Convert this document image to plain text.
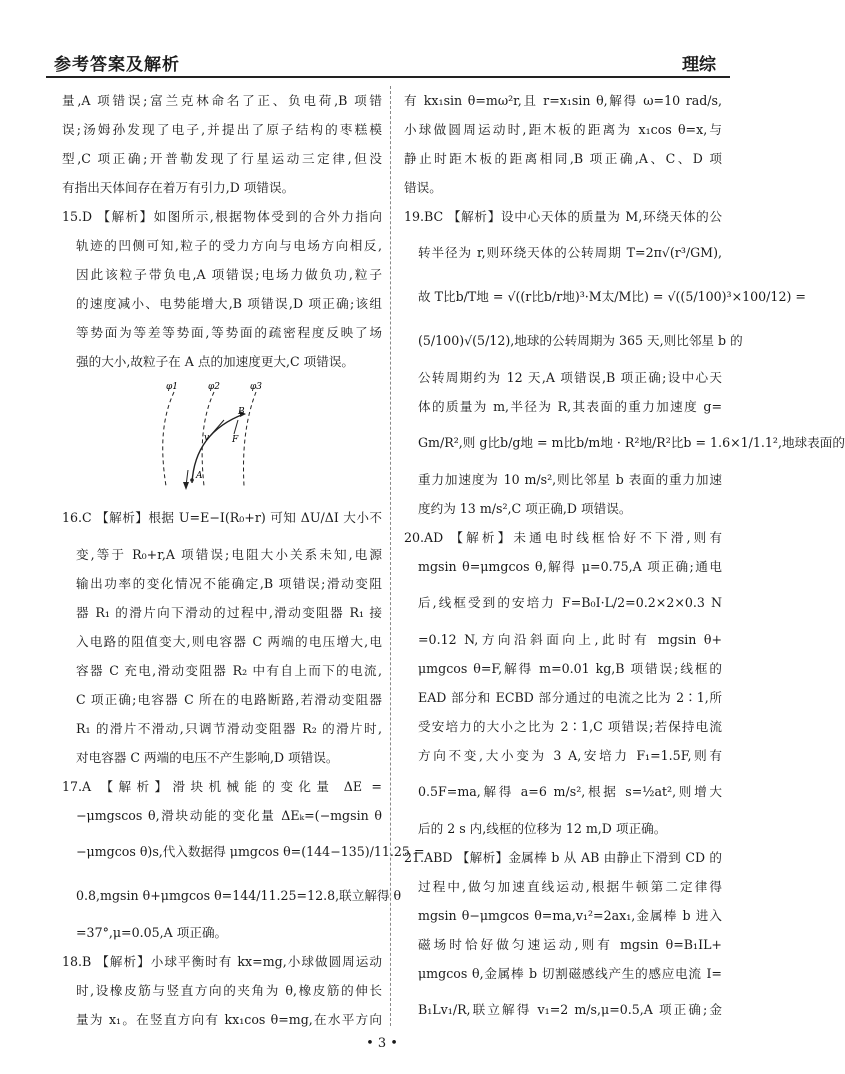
参考答案及解析	理综
量,A 项错误;富兰克林命名了正、负电荷,B 项错
误;汤姆孙发现了电子,并提出了原子结构的枣糕模
型,C 项正确;开普勒发现了行星运动三定律,但没
有指出天体间存在着万有引力,D 项错误。
15.D 【解析】如图所示,根据物体受到的合外力指向
轨迹的凹侧可知,粒子的受力方向与电场方向相反,
因此该粒子带负电,A 项错误;电场力做负功,粒子
的速度减小、电势能增大,B 项错误,D 项正确;该组
等势面为等差等势面,等势面的疏密程度反映了场
强的大小,故粒子在 A 点的加速度更大,C 项错误。
φ1	φ2	φ3
B
F
v
A
16.C 【解析】根据 U=E−I(R₀+r) 可知 ΔU/ΔI 大小不
变,等于 R₀+r,A 项错误;电阻大小关系未知,电源
输出功率的变化情况不能确定,B 项错误;滑动变阻
器 R₁ 的滑片向下滑动的过程中,滑动变阻器 R₁ 接
入电路的阻值变大,则电容器 C 两端的电压增大,电
容器 C 充电,滑动变阻器 R₂ 中有自上而下的电流,
C 项正确;电容器 C 所在的电路断路,若滑动变阻器
R₁ 的滑片不滑动,只调节滑动变阻器 R₂ 的滑片时,
对电容器 C 两端的电压不产生影响,D 项错误。
17.A 【解析】滑块机械能的变化量 ΔE =
−μmgscos θ,滑块动能的变化量 ΔEₖ=(−mgsin θ
−μmgcos θ)s,代入数据得 μmgcos θ=(144−135)/11.25 =
0.8,mgsin θ+μmgcos θ=144/11.25=12.8,联立解得 θ
=37°,μ=0.05,A 项正确。
18.B 【解析】小球平衡时有 kx=mg,小球做圆周运动
时,设橡皮筋与竖直方向的夹角为 θ,橡皮筋的伸长
量为 x₁。在竖直方向有 kx₁cos θ=mg,在水平方向
有 kx₁sin θ=mω²r,且 r=x₁sin θ,解得 ω=10 rad/s,
小球做圆周运动时,距木板的距离为 x₁cos θ=x,与
静止时距木板的距离相同,B 项正确,A、C、D 项
错误。
19.BC 【解析】设中心天体的质量为 M,环绕天体的公
转半径为 r,则环绕天体的公转周期 T=2π√(r³/GM),
故 T比b/T地 = √((r比b/r地)³·M太/M比) = √((5/100)³×100/12) =
(5/100)√(5/12),地球的公转周期为 365 天,则比邻星 b 的
公转周期约为 12 天,A 项错误,B 项正确;设中心天
体的质量为 m,半径为 R,其表面的重力加速度 g=
Gm/R²,则 g比b/g地 = m比b/m地 · R²地/R²比b = 1.6×1/1.1²,地球表面的
重力加速度为 10 m/s²,则比邻星 b 表面的重力加速
度约为 13 m/s²,C 项正确,D 项错误。
20.AD 【解析】未通电时线框恰好不下滑,则有
mgsin θ=μmgcos θ,解得 μ=0.75,A 项正确;通电
后,线框受到的安培力 F=B₀I·L/2=0.2×2×0.3 N
=0.12 N,方向沿斜面向上,此时有 mgsin θ+
μmgcos θ=F,解得 m=0.01 kg,B 项错误;线框的
EAD 部分和 ECBD 部分通过的电流之比为 2∶1,所
受安培力的大小之比为 2∶1,C 项错误;若保持电流
方向不变,大小变为 3 A,安培力 F₁=1.5F,则有
0.5F=ma,解得 a=6 m/s²,根据 s=½at²,则增大
后的 2 s 内,线框的位移为 12 m,D 项正确。
21.ABD 【解析】金属棒 b 从 AB 由静止下滑到 CD 的
过程中,做匀加速直线运动,根据牛顿第二定律得
mgsin θ−μmgcos θ=ma,v₁²=2ax₁,金属棒 b 进入
磁场时恰好做匀速运动,则有 mgsin θ=B₁IL+
μmgcos θ,金属棒 b 切割磁感线产生的感应电流 I=
B₁Lv₁/R,联立解得 v₁=2 m/s,μ=0.5,A 项正确;金
• 3 •
